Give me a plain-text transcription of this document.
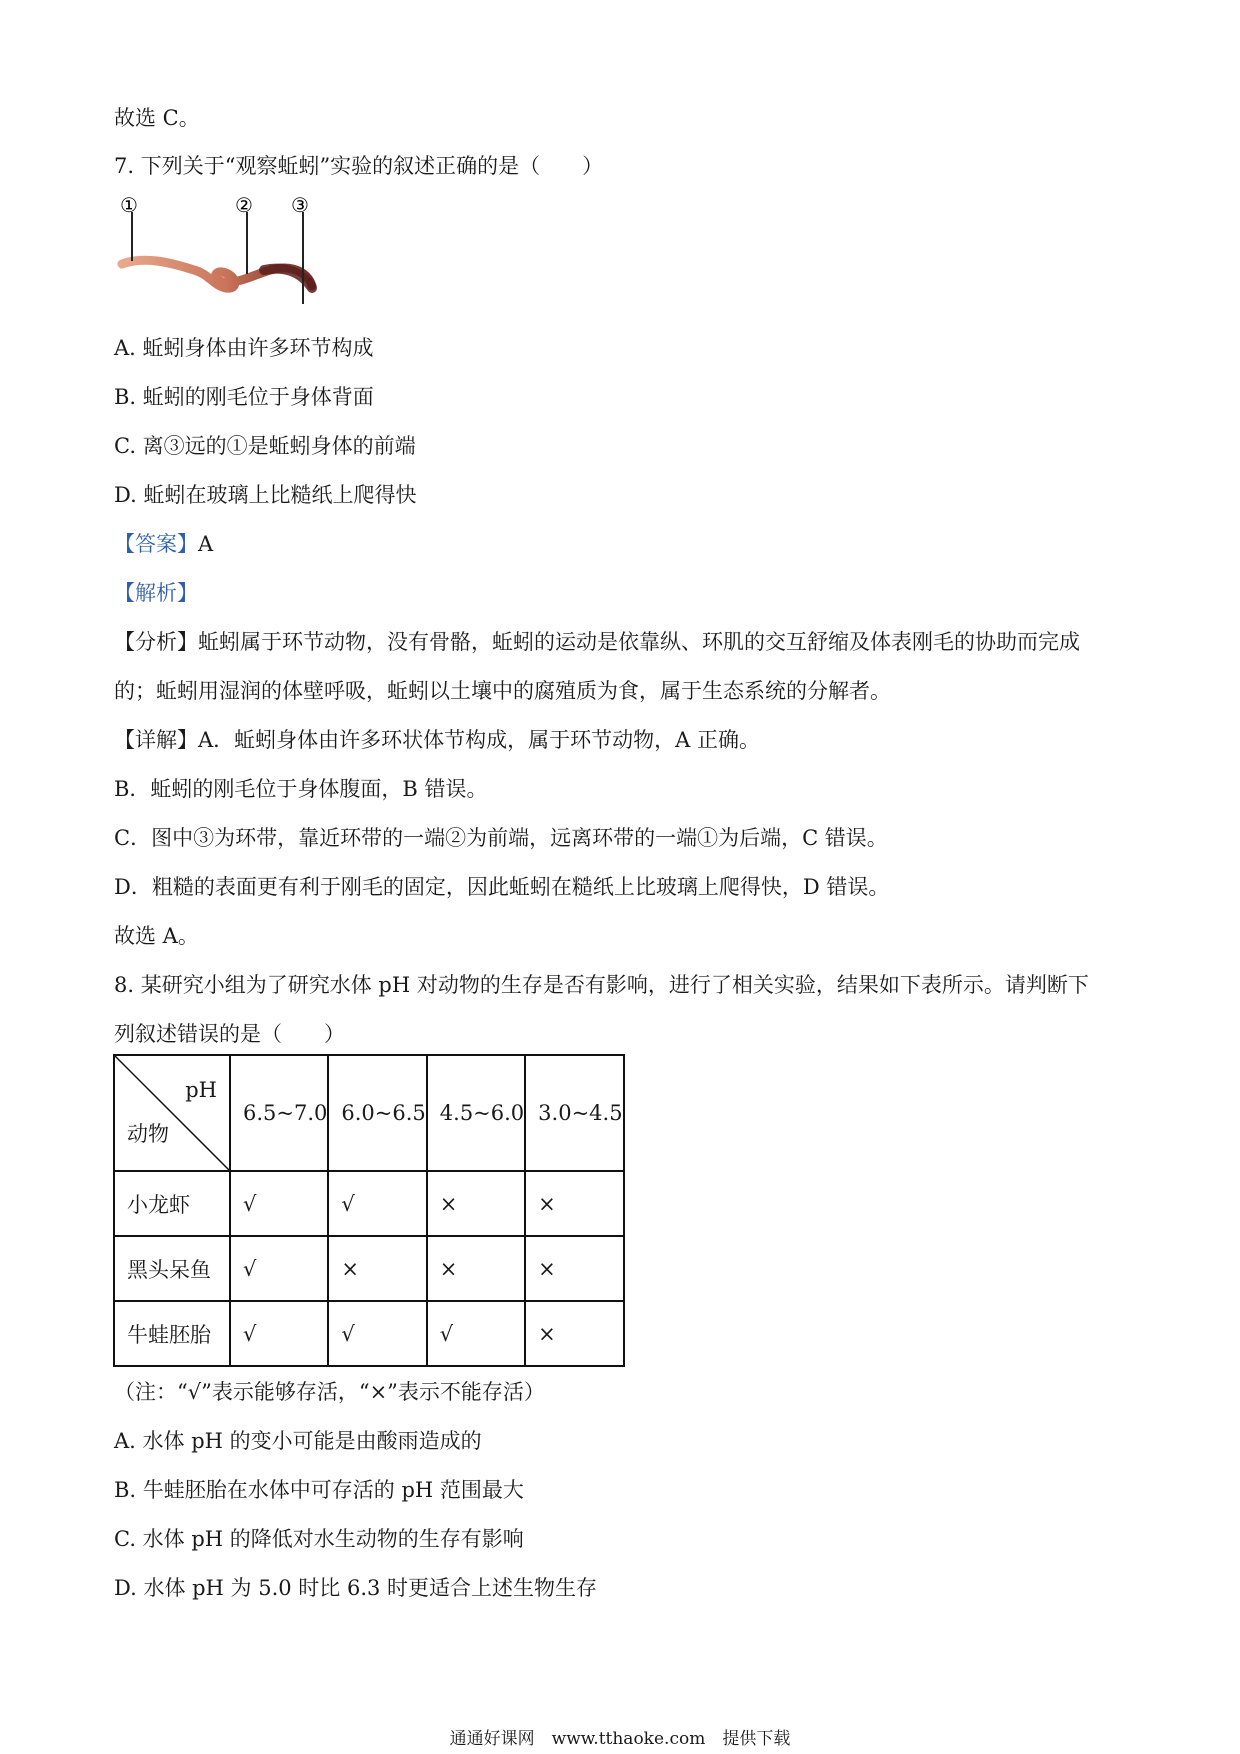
故选 C。
7. 下列关于“观察蚯蚓”实验的叙述正确的是（　　）
①	② ③
A. 蚯蚓身体由许多环节构成
B. 蚯蚓的刚毛位于身体背面
C. 离③远的①是蚯蚓身体的前端
D. 蚯蚓在玻璃上比糙纸上爬得快
【答案】A
【解析】
【分析】蚯蚓属于环节动物，没有骨骼，蚯蚓的运动是依靠纵、环肌的交互舒缩及体表刚毛的协助而完成
的；蚯蚓用湿润的体壁呼吸，蚯蚓以土壤中的腐殖质为食，属于生态系统的分解者。
【详解】A．蚯蚓身体由许多环状体节构成，属于环节动物，A 正确。
B．蚯蚓的刚毛位于身体腹面，B 错误。
C．图中③为环带，靠近环带的一端②为前端，远离环带的一端①为后端，C 错误。
D．粗糙的表面更有利于刚毛的固定，因此蚯蚓在糙纸上比玻璃上爬得快，D 错误。
故选 A。
8. 某研究小组为了研究水体 pH 对动物的生存是否有影响，进行了相关实验，结果如下表所示。请判断下
列叙述错误的是（　　）
pH
动物	6.5~7.0	6.0~6.5	4.5~6.0	3.0~4.5
小龙虾	√	√	×	×
黑头呆鱼	√	×	×	×
牛蛙胚胎	√	√	√	×
（注：“√”表示能够存活，“×”表示不能存活）
A. 水体 pH 的变小可能是由酸雨造成的
B. 牛蛙胚胎在水体中可存活的 pH 范围最大
C. 水体 pH 的降低对水生动物的生存有影响
D. 水体 pH 为 5.0 时比 6.3 时更适合上述生物生存
通通好课网　www.tthaoke.com　提供下载
